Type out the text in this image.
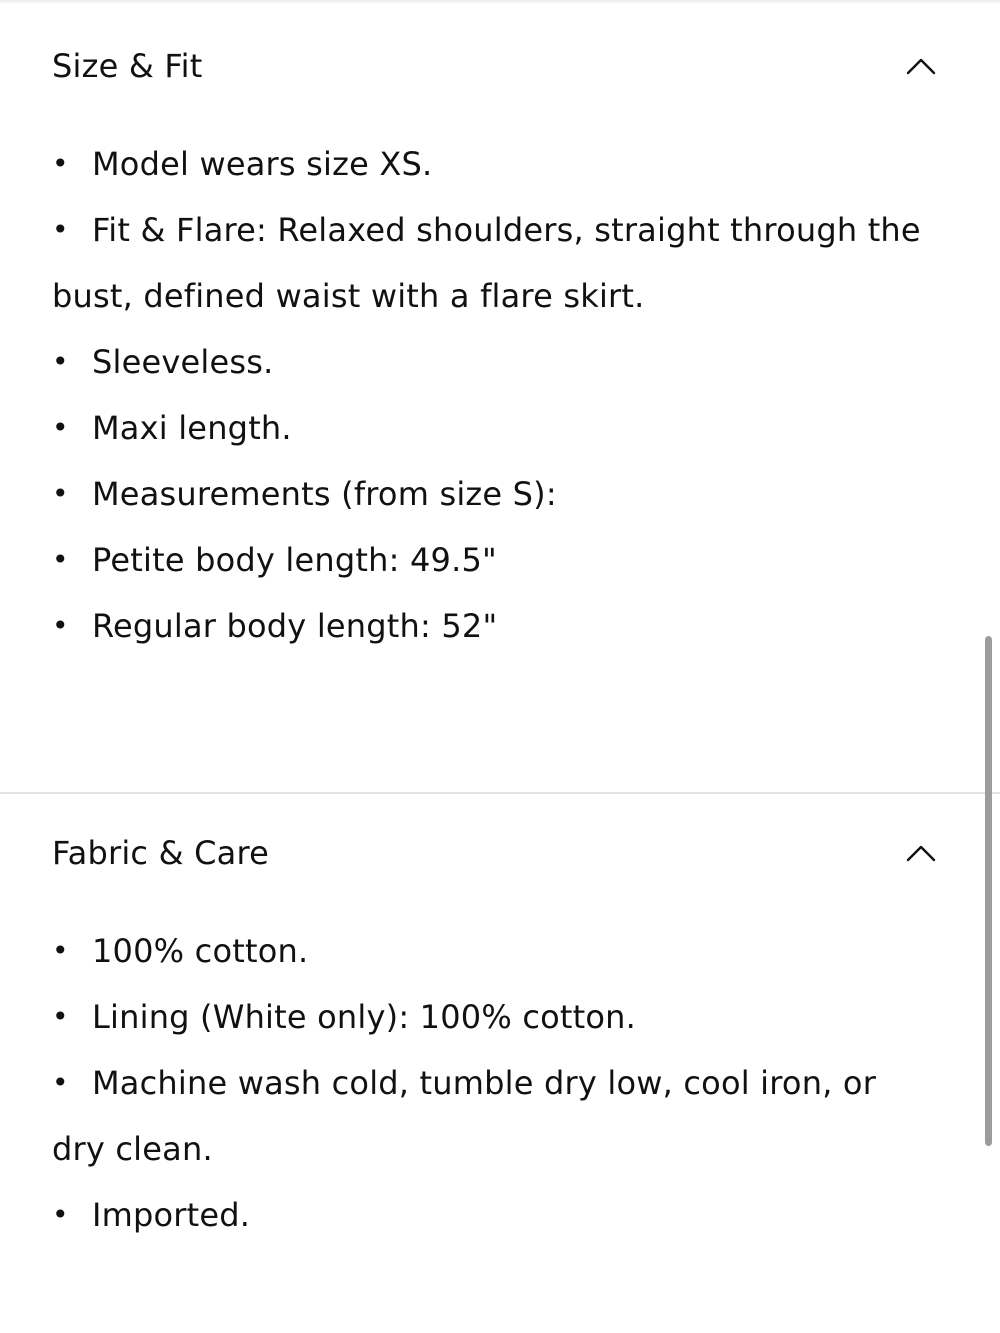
Size & Fit
• Model wears size XS.
• Fit & Flare: Relaxed shoulders, straight through the bust, defined waist with a flare skirt.
• Sleeveless.
• Maxi length.
• Measurements (from size S):
• Petite body length: 49.5"
• Regular body length: 52"
Fabric & Care
• 100% cotton.
• Lining (White only): 100% cotton.
• Machine wash cold, tumble dry low, cool iron, or dry clean.
• Imported.
